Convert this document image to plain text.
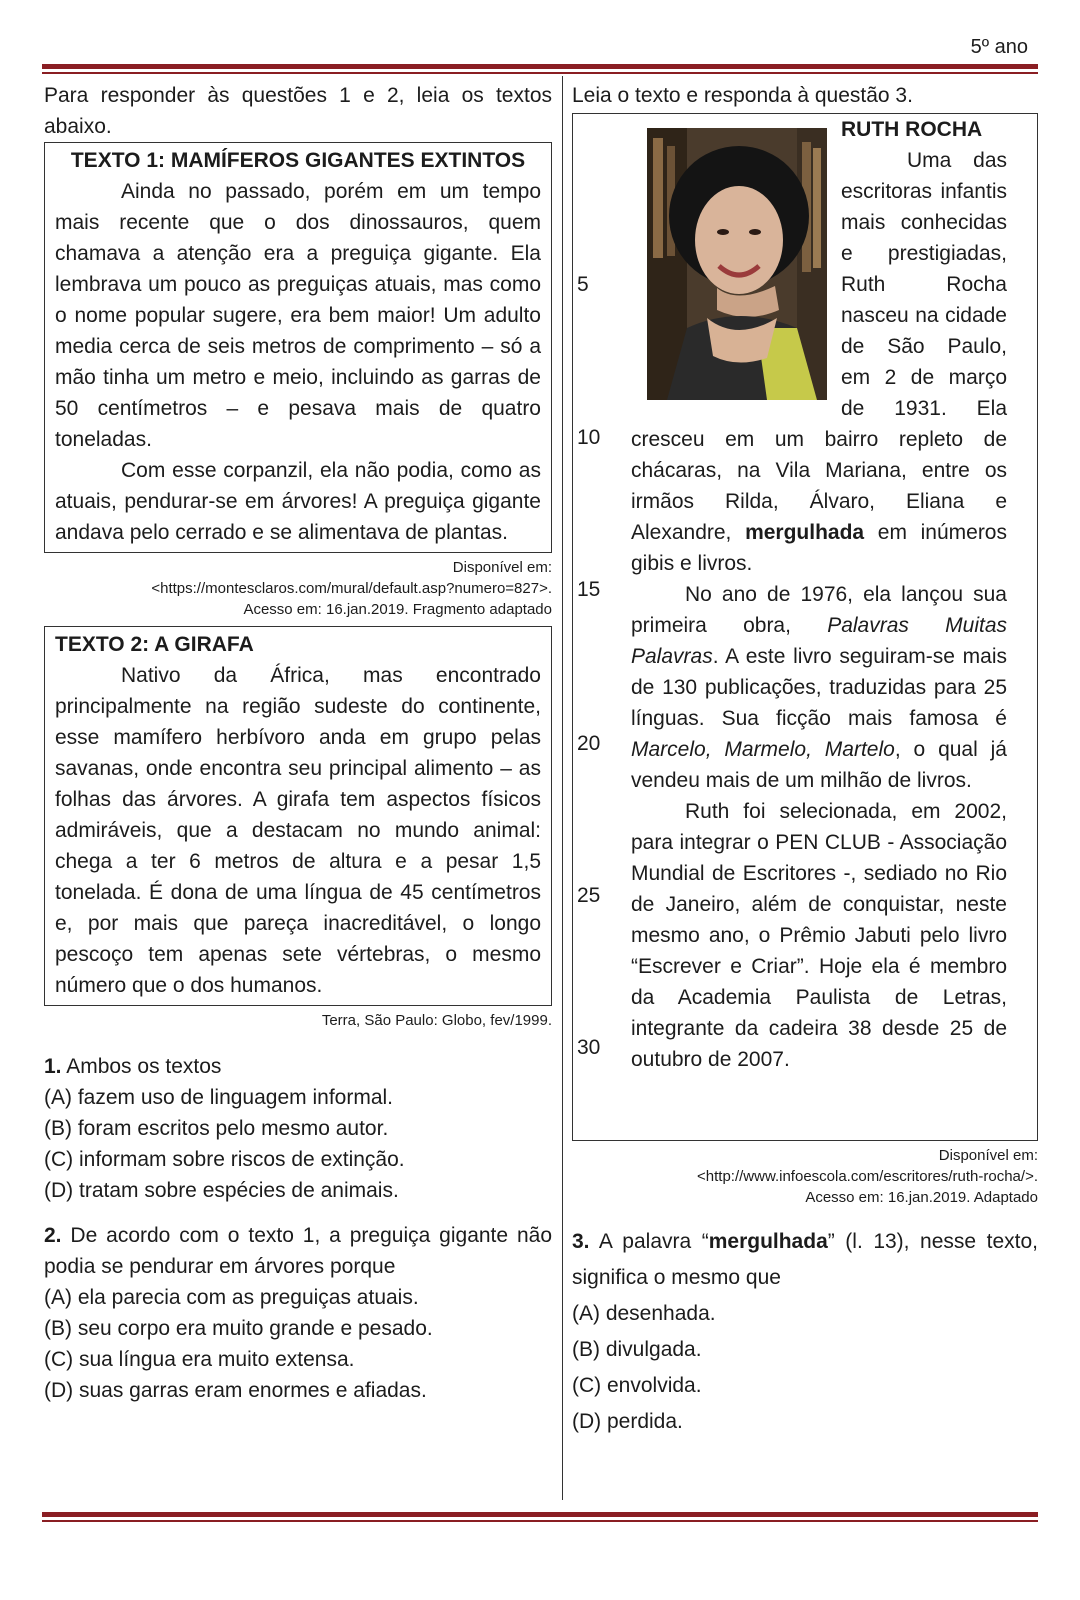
5º ano

Para responder às questões 1 e 2, leia os textos abaixo.

TEXTO 1: MAMÍFEROS GIGANTES EXTINTOS
Ainda no passado, porém em um tempo mais recente que o dos dinossauros, quem chamava a atenção era a preguiça gigante. Ela lembrava um pouco as preguiças atuais, mas como o nome popular sugere, era bem maior! Um adulto media cerca de seis metros de comprimento – só a mão tinha um metro e meio, incluindo as garras de 50 centímetros – e pesava mais de quatro toneladas.
Com esse corpanzil, ela não podia, como as atuais, pendurar-se em árvores! A preguiça gigante andava pelo cerrado e se alimentava de plantas.
Disponível em:
<https://montesclaros.com/mural/default.asp?numero=827>.
Acesso em: 16.jan.2019. Fragmento adaptado
TEXTO 2: A GIRAFA
Nativo da África, mas encontrado principalmente na região sudeste do continente, esse mamífero herbívoro anda em grupo pelas savanas, onde encontra seu principal alimento – as folhas das árvores. A girafa tem aspectos físicos admiráveis, que a destacam no mundo animal: chega a ter 6 metros de altura e a pesar 1,5 tonelada. É dona de uma língua de 45 centímetros e, por mais que pareça inacreditável, o longo pescoço tem apenas sete vértebras, o mesmo número que o dos humanos.
Terra, São Paulo: Globo, fev/1999.

1. Ambos os textos

(A) fazem uso de linguagem informal.

(B) foram escritos pelo mesmo autor.

(C) informam sobre riscos de extinção.

(D) tratam sobre espécies de animais.

2. De acordo com o texto 1, a preguiça gigante não podia se pendurar em árvores porque

(A) ela parecia com as preguiças atuais.

(B) seu corpo era muito grande e pesado.

(C) sua língua era muito extensa.

(D) suas garras eram enormes e afiadas.

Leia o texto e responda à questão 3.

5
10
15
20
25
30

RUTH ROCHA

Uma das escritoras infantis mais conhecidas e prestigiadas, Ruth Rocha nasceu na cidade de São Paulo, em 2 de março de 1931. Ela cresceu em um bairro repleto de chácaras, na Vila Mariana, entre os irmãos Rilda, Álvaro, Eliana e Alexandre, mergulhada em inúmeros gibis e livros.

No ano de 1976, ela lançou sua primeira obra, Palavras Muitas Palavras. A este livro seguiram-se mais de 130 publicações, traduzidas para 25 línguas. Sua ficção mais famosa é Marcelo, Marmelo, Martelo, o qual já vendeu mais de um milhão de livros.

Ruth foi selecionada, em 2002, para integrar o PEN CLUB - Associação Mundial de Escritores -, sediado no Rio de Janeiro, além de conquistar, neste mesmo ano, o Prêmio Jabuti pelo livro “Escrever e Criar”. Hoje ela é membro da Academia Paulista de Letras, integrante da cadeira 38 desde 25 de outubro de 2007.

Disponível em:
<http://www.infoescola.com/escritores/ruth-rocha/>.
Acesso em: 16.jan.2019. Adaptado

3. A palavra “mergulhada” (l. 13), nesse texto, significa o mesmo que

(A) desenhada.

(B) divulgada.

(C) envolvida.

(D) perdida.
